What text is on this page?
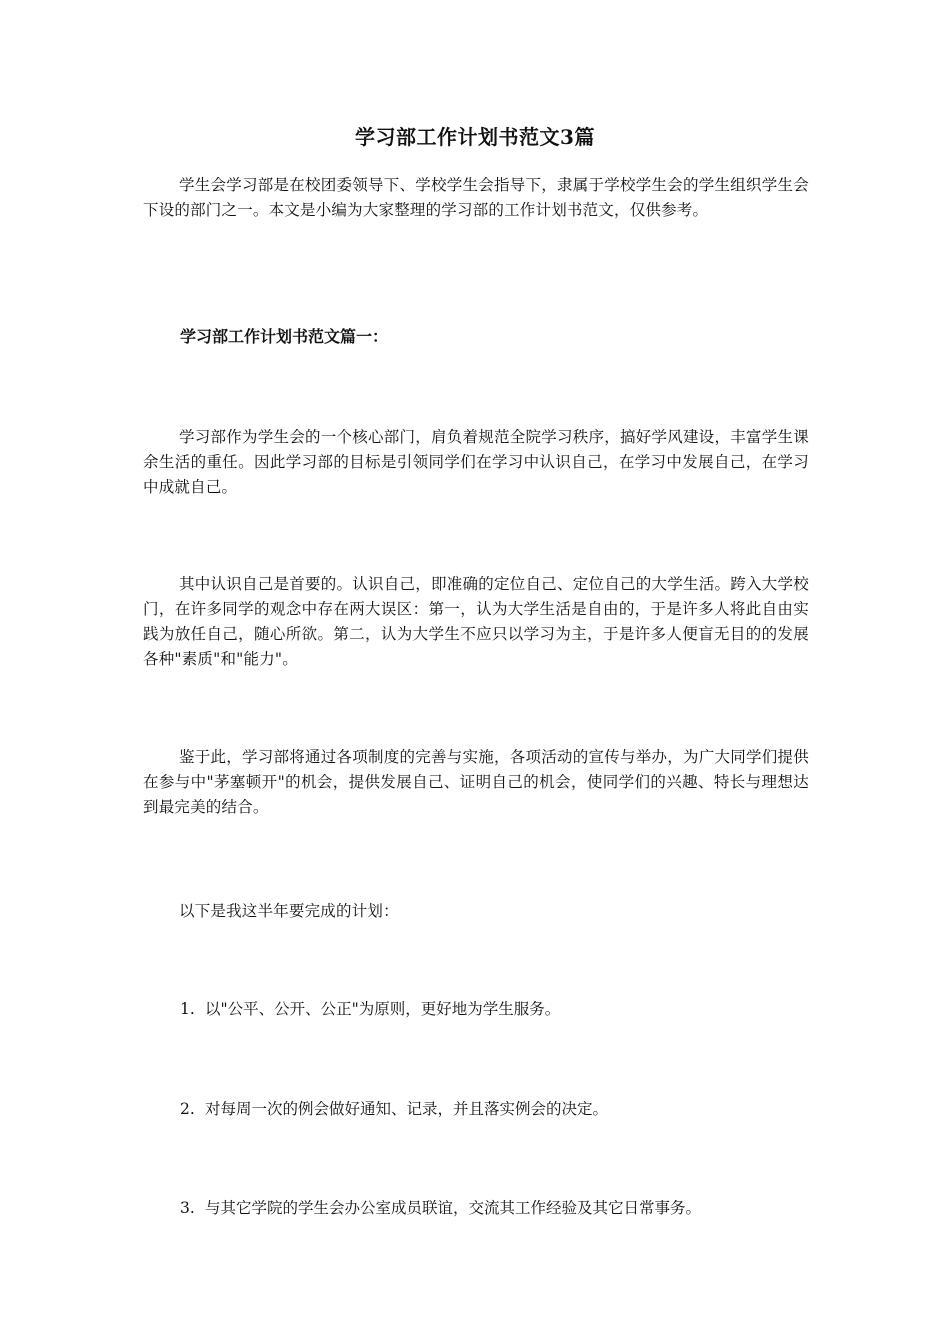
学习部工作计划书范文3篇
学生会学习部是在校团委领导下、学校学生会指导下，隶属于学校学生会的学生组织学生会下设的部门之一。本文是小编为大家整理的学习部的工作计划书范文，仅供参考。
学习部工作计划书范文篇一：
学习部作为学生会的一个核心部门，肩负着规范全院学习秩序，搞好学风建设，丰富学生课余生活的重任。因此学习部的目标是引领同学们在学习中认识自己，在学习中发展自己，在学习中成就自己。
其中认识自己是首要的。认识自己，即准确的定位自己、定位自己的大学生活。跨入大学校门，在许多同学的观念中存在两大误区：第一，认为大学生活是自由的，于是许多人将此自由实践为放任自己，随心所欲。第二，认为大学生不应只以学习为主，于是许多人便盲无目的的发展各种"素质"和"能力"。
鉴于此，学习部将通过各项制度的完善与实施，各项活动的宣传与举办，为广大同学们提供在参与中"茅塞顿开"的机会，提供发展自己、证明自己的机会，使同学们的兴趣、特长与理想达到最完美的结合。
以下是我这半年要完成的计划：
1. 以"公平、公开、公正"为原则，更好地为学生服务。
2. 对每周一次的例会做好通知、记录，并且落实例会的决定。
3. 与其它学院的学生会办公室成员联谊，交流其工作经验及其它日常事务。
